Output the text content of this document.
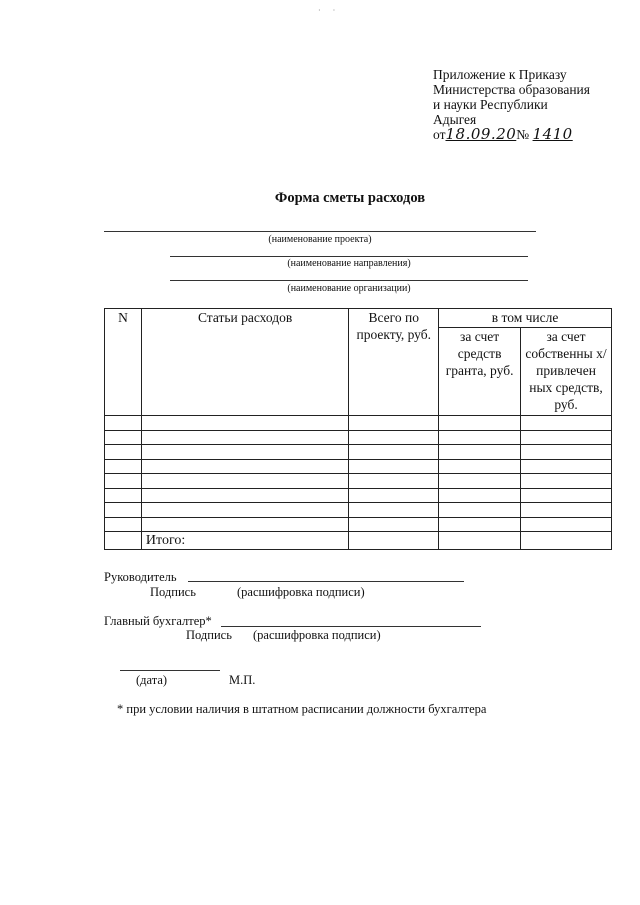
·      ·
Приложение к Приказу
Министерства образования
и науки Республики
Адыгея
от18.09.20№ 1410
Форма сметы расходов
(наименование проекта)
(наименование направления)
(наименование организации)
N	Статьи расходов	Всего по проекту, руб.	в том числе	
			за счет средств гранта, руб.	за счет собственны х/привлечен ных средств, руб.

	Итого:			
Руководитель
Подпись	(расшифровка подписи)
Главный бухгалтер*
Подпись (расшифровка подписи)
(дата)	М.П.
* при условии наличия в штатном расписании должности бухгалтера
